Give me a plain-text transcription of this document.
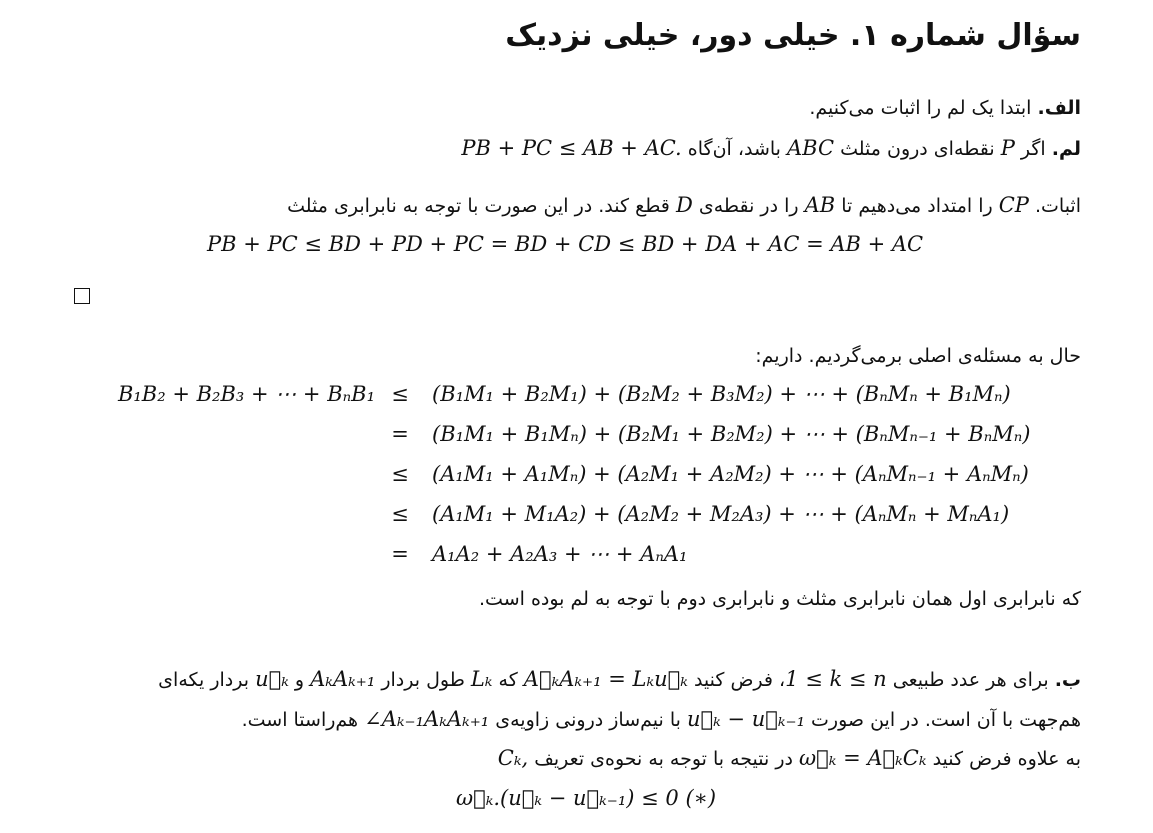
سؤال شماره ۱. خیلی دور، خیلی نزدیک
الف. ابتدا یک لم را اثبات می‌کنیم.
لم. اگر P نقطه‌ای درون مثلث ABC باشد، آن‌گاه PB + PC ≤ AB + AC.
اثبات. CP را امتداد می‌دهیم تا AB را در نقطه‌ی D قطع کند. در این صورت با توجه به نابرابری مثلث
PB + PC ≤ BD + PD + PC = BD + CD ≤ BD + DA + AC = AB + AC
حال به مسئله‌ی اصلی برمی‌گردیم. داریم:
B₁B₂ + B₂B₃ + ⋯ + BₙB₁ ≤ (B₁M₁ + B₂M₁) + (B₂M₂ + B₃M₂) + ⋯ + (BₙMₙ + B₁Mₙ)
= (B₁M₁ + B₁Mₙ) + (B₂M₁ + B₂M₂) + ⋯ + (BₙMₙ₋₁ + BₙMₙ)
≤ (A₁M₁ + A₁Mₙ) + (A₂M₁ + A₂M₂) + ⋯ + (AₙMₙ₋₁ + AₙMₙ)
≤ (A₁M₁ + M₁A₂) + (A₂M₂ + M₂A₃) + ⋯ + (AₙMₙ + MₙA₁)
= A₁A₂ + A₂A₃ + ⋯ + AₙA₁
که نابرابری اول همان نابرابری مثلث و نابرابری دوم با توجه به لم بوده است.
ب. برای هر عدد طبیعی 1 ≤ k ≤ n، فرض کنید A⃗ₖAₖ₊₁ = Lₖu⃗ₖ که Lₖ طول بردار AₖAₖ₊₁ و u⃗ₖ بردار یکه‌ای
هم‌جهت با آن است. در این صورت u⃗ₖ − u⃗ₖ₋₁ با نیم‌ساز درونی زاویه‌ی ∠Aₖ₋₁AₖAₖ₊₁ هم‌راستا است.
به علاوه فرض کنید ω⃗ₖ = A⃗ₖCₖ در نتیجه با توجه به نحوه‌ی تعریف Cₖ,
ω⃗ₖ.(u⃗ₖ − u⃗ₖ₋₁) ≤ 0 (∗)
